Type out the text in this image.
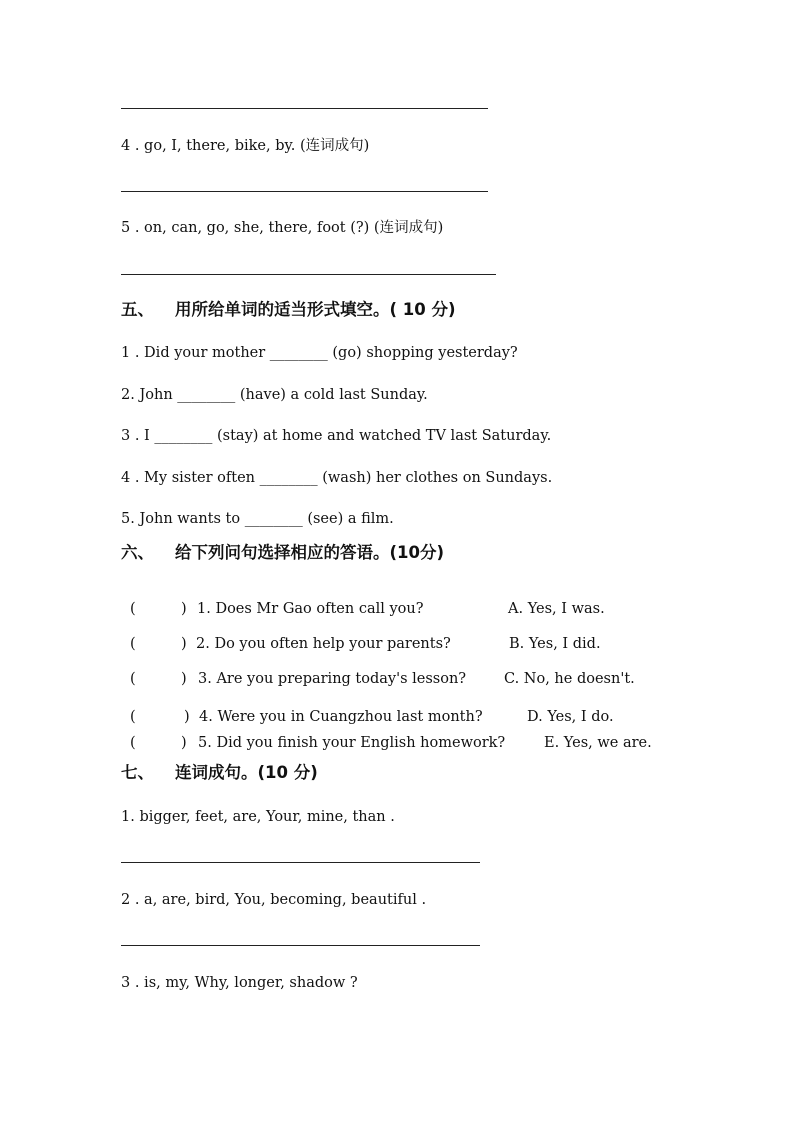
4 . go, I, there, bike, by. (连词成句)
5 . on, can, go, she, there, foot (?) (连词成句)
五、 用所给单词的适当形式填空。( 10 分)
1 . Did your mother ________ (go) shopping yesterday?
2. John ________ (have) a cold last Sunday.
3 . I ________ (stay) at home and watched TV last Saturday.
4 . My sister often ________ (wash) her clothes on Sundays.
5. John wants to ________ (see) a film.
六、 给下列问句选择相应的答语。(10分)
(	) 1. Does Mr Gao often call you?	A. Yes, I was.
(	) 2. Do you often help your parents?	B. Yes, I did.
(	) 3. Are you preparing today's lesson?	C. No, he doesn't.
(	) 4. Were you in Cuangzhou last month?	D. Yes, I do.
(	) 5. Did you finish your English homework?	E. Yes, we are.
七、 连词成句。(10 分)
1. bigger, feet, are, Your, mine, than .
2 . a, are, bird, You, becoming, beautiful .
3 . is, my, Why, longer, shadow ?
